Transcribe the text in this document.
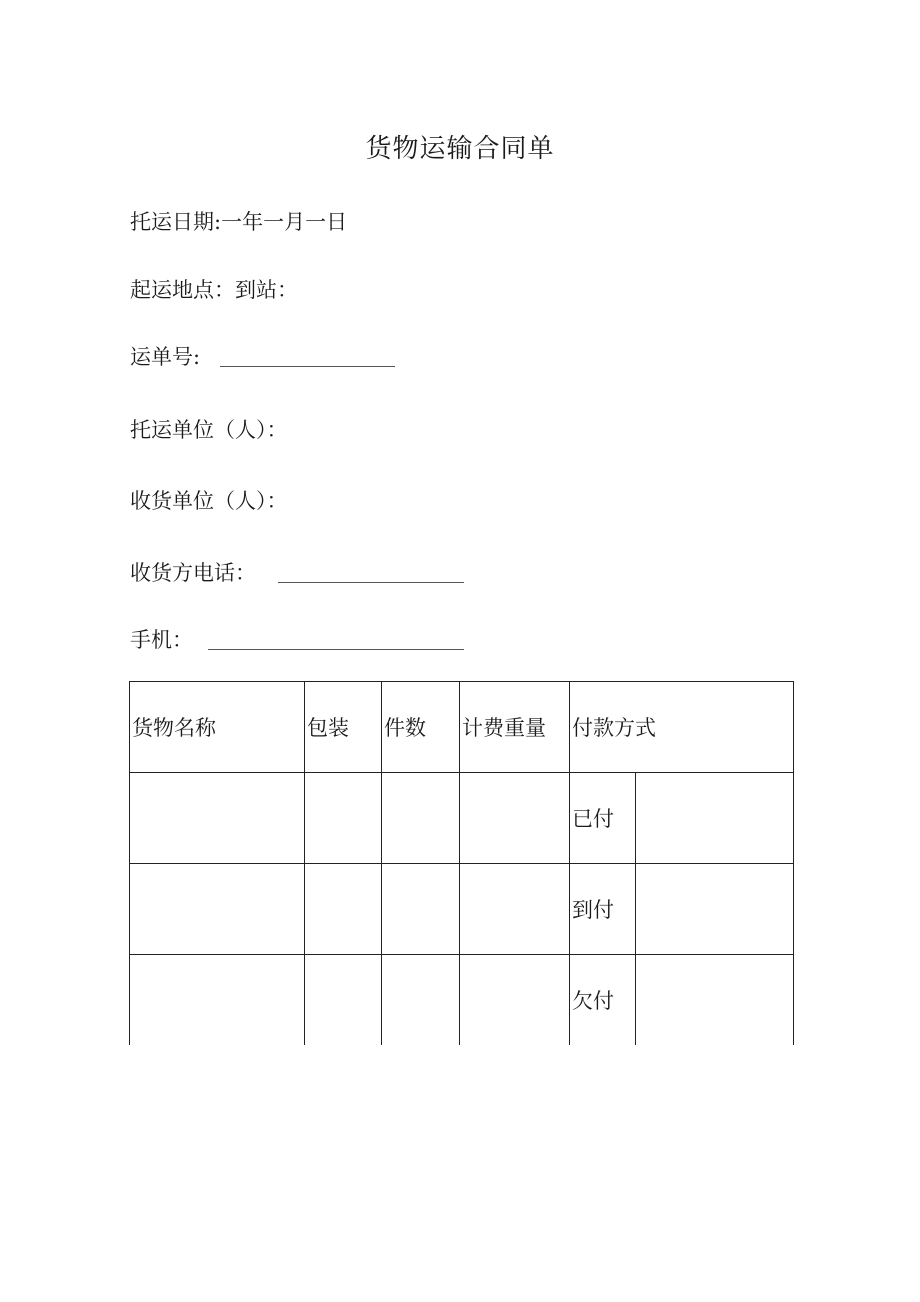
货物运输合同单
托运日期:一年一月一日
起运地点：到站：
运单号:
托运单位（人）：
收货单位（人）：
收货方电话：
手机：
货物名称	包装	件数	计费重量	付款方式	
				已付	
				到付	
				欠付	
